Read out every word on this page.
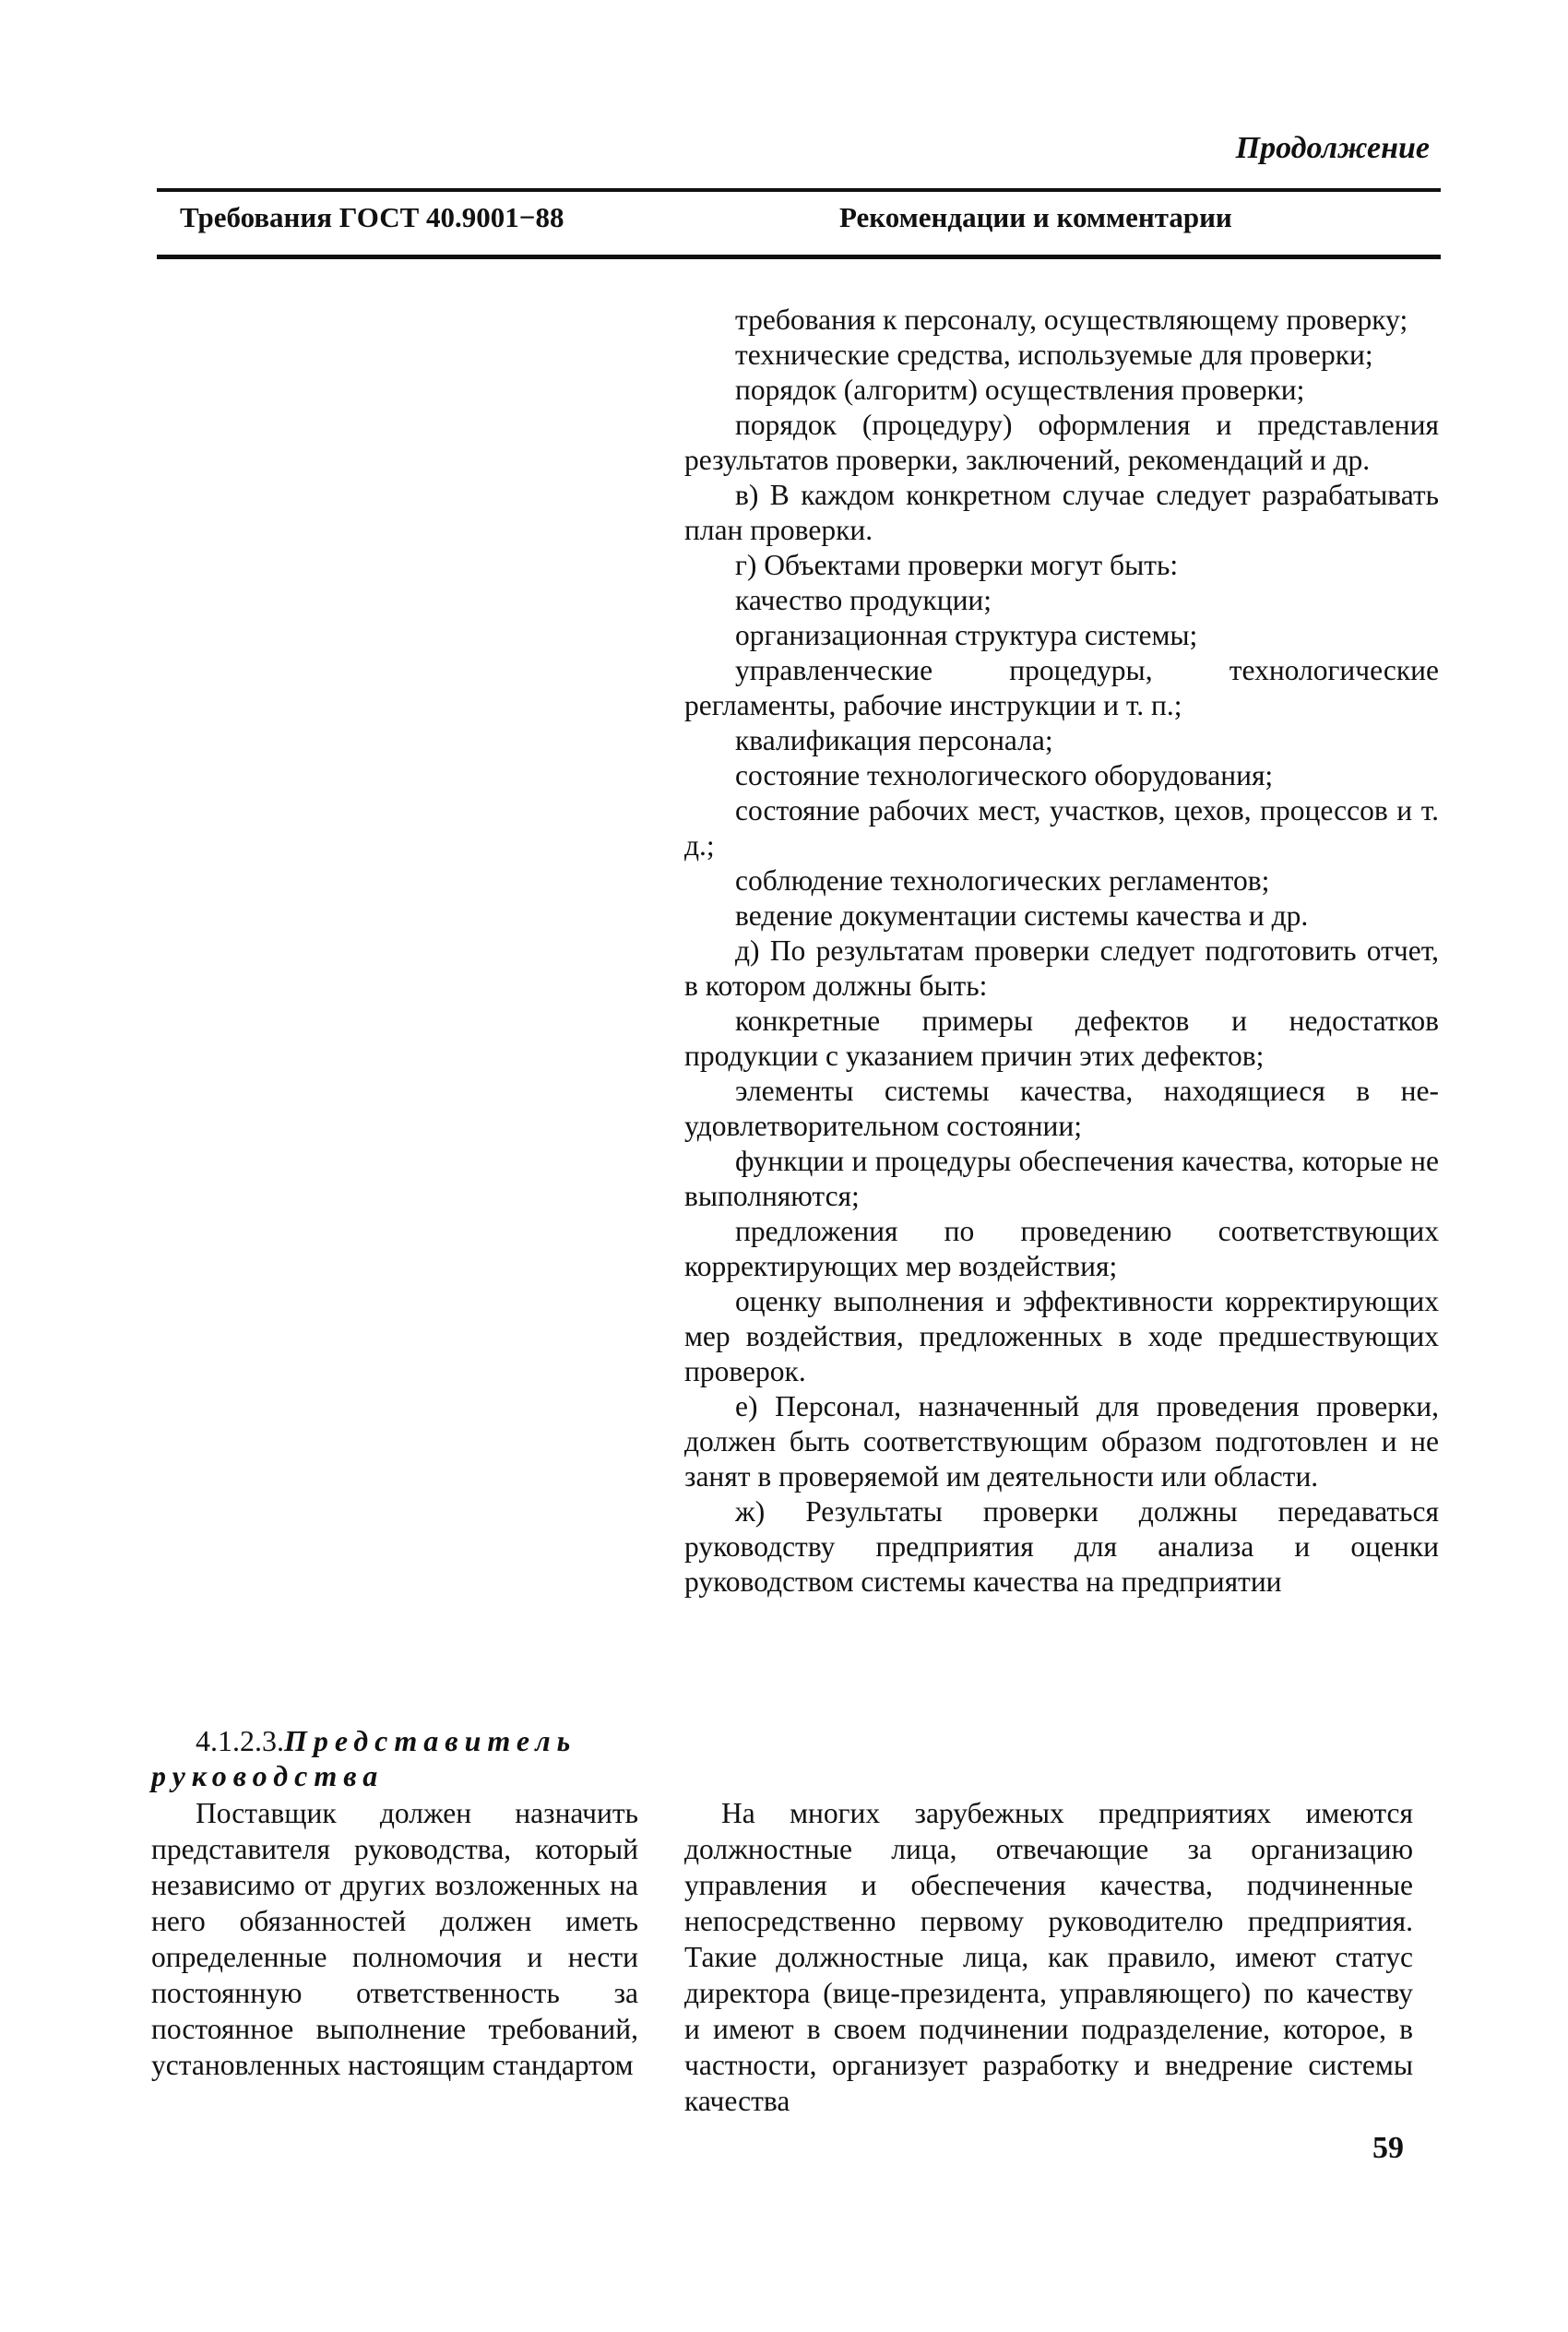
Продолжение
Требования ГОСТ 40.9001−88	Рекомендации и комментарии

требования к персоналу, осуществляющему проверку;

технические средства, используемые для проверки;

порядок (алгоритм) осуществления проверки;

порядок (процедуру) оформления и представления результатов проверки, заключений, рекомендаций и др.

в) В каждом конкретном случае следует разрабатывать план проверки.

г) Объектами проверки могут быть:

качество продукции;

организационная структура системы;

управленческие процедуры, технологические регламенты, рабочие инструкции и т. п.;

квалификация персонала;

состояние технологического оборудования;

состояние рабочих мест, участков, цехов, процессов и т. д.;

соблюдение технологических регламентов;

ведение документации системы качества и др.

д) По результатам проверки следует подготовить отчет, в котором должны быть:

конкретные примеры дефектов и недостатков продукции с указанием причин этих дефектов;

элементы системы качества, находящиеся в неудовлетворительном состоянии;

функции и процедуры обеспечения качества, которые не выполняются;

предложения по проведению соответствующих корректирующих мер воздействия;

оценку выполнения и эффективности корректирующих мер воздействия, предложенных в ходе предшествующих проверок.

е) Персонал, назначенный для проведения проверки, должен быть соответствующим образом подготовлен и не занят в проверяемой им деятельности или области.

ж) Результаты проверки должны передаваться руководству предприятия для анализа и оценки руководством системы качества на предприятии

4.1.2.3.Представитель
руководства

Поставщик должен назначить представителя руководства, который независимо от других возложенных на него обязанностей должен иметь определенные полномочия и нести постоянную ответственность за постоянное выполнение требований, установленных настоящим стандартом

На многих зарубежных предприятиях имеются должностные лица, отвечающие за организацию управления и обеспечения качества, подчиненные непосредственно первому руководителю предприятия. Такие должностные лица, как правило, имеют статус директора (вице-президента, управляющего) по качеству и имеют в своем подчинении подразделение, которое, в частности, организует разработку и внедрение системы качества

59
